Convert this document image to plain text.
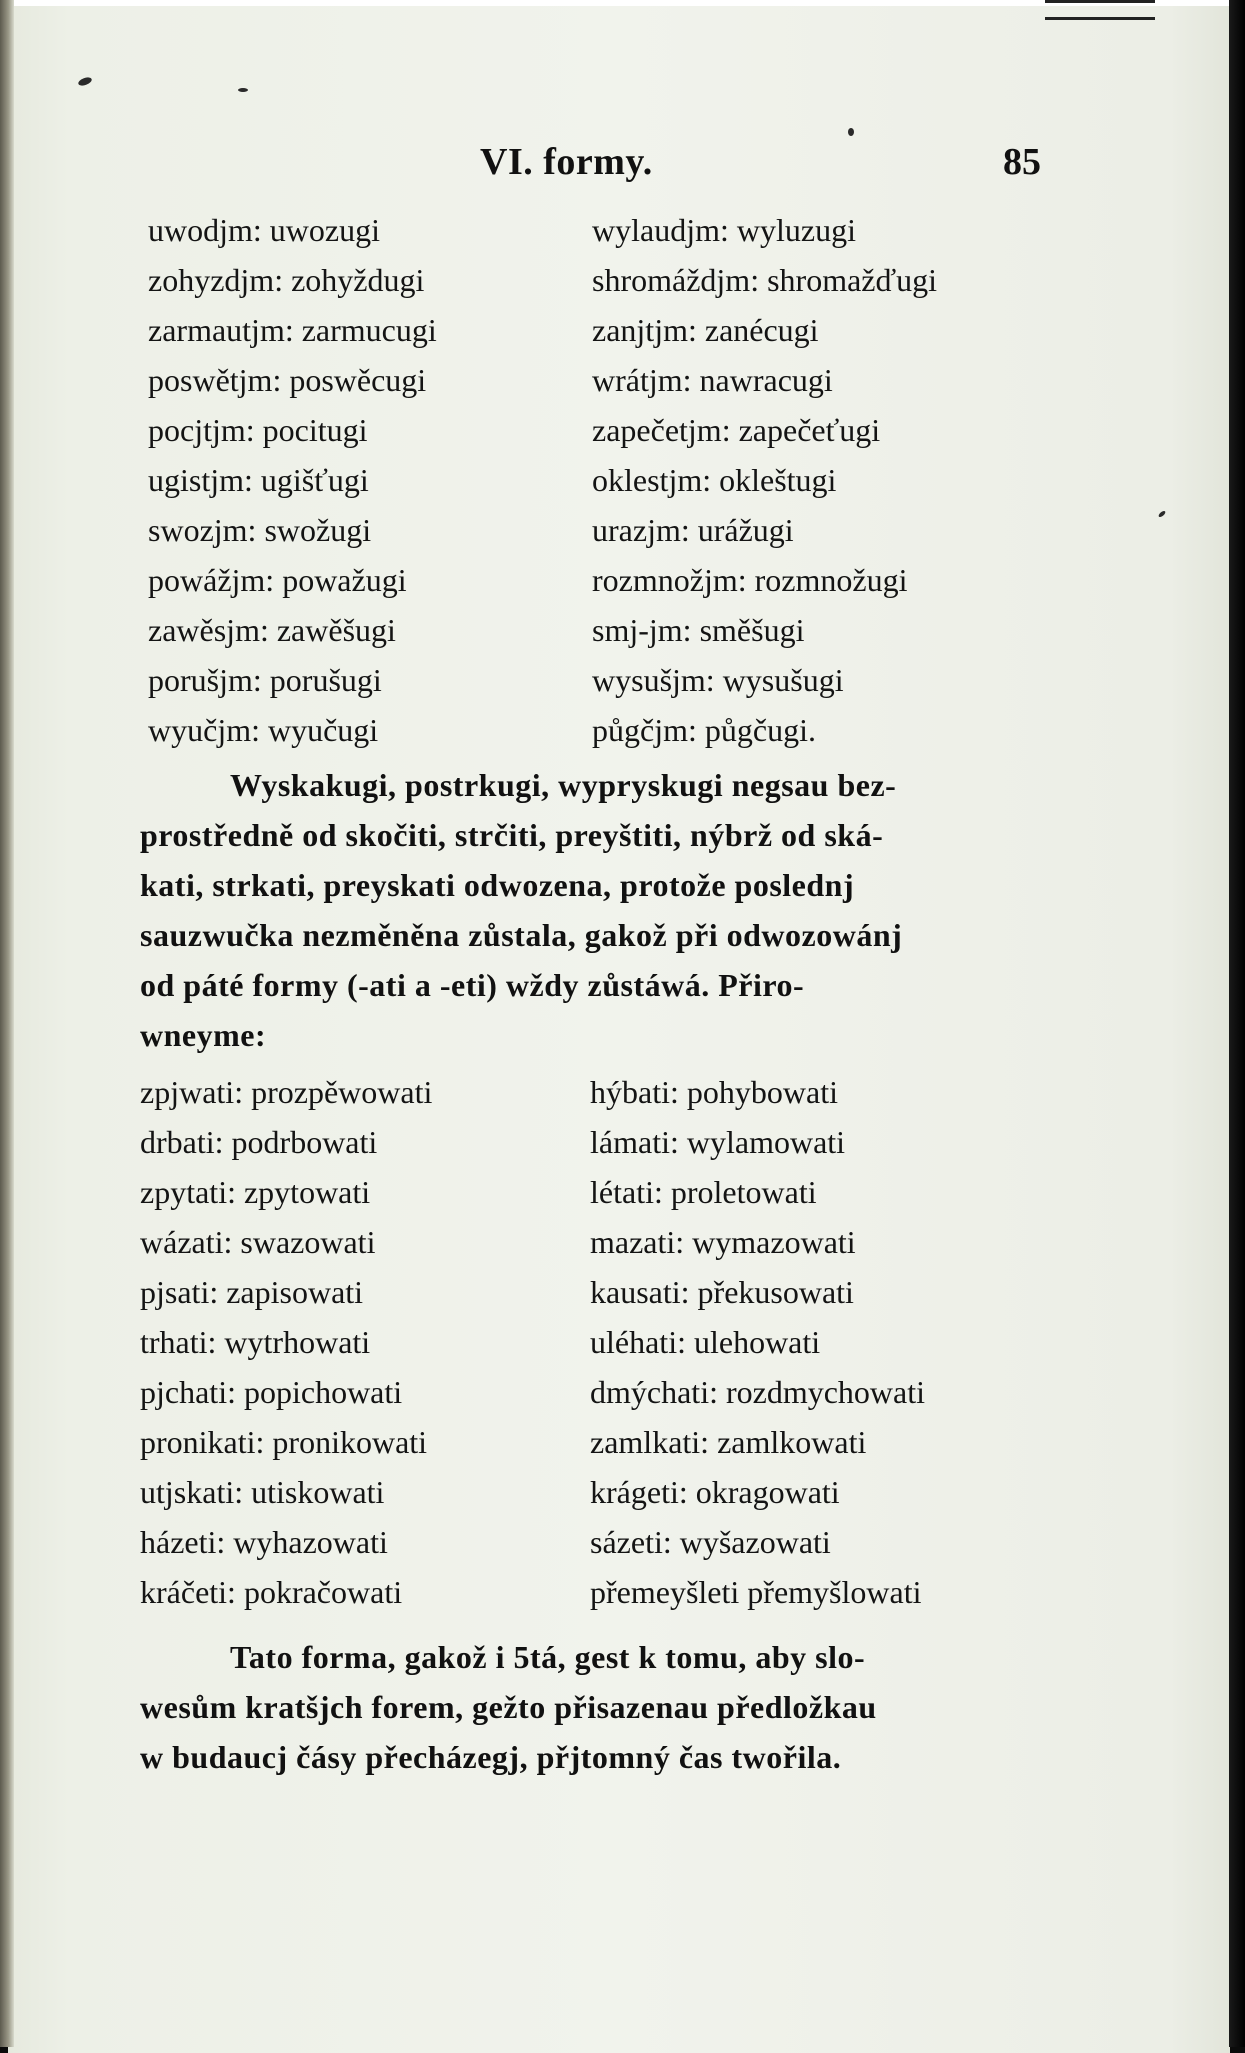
VI. formy.	85
uwodjm: uwozugi
zohyzdjm: zohyždugi
zarmautjm: zarmucugi
poswětjm: poswěcugi
pocjtjm: pocitugi
ugistjm: ugišťugi
swozjm: swožugi
powážjm: powažugi
zawěsjm: zawěšugi
porušjm: porušugi
wyučjm: wyučugi
wylaudjm: wyluzugi
shromáždjm: shromažďugi
zanjtjm: zanécugi
wrátjm: nawracugi
zapečetjm: zapečeťugi
oklestjm: okleštugi
urazjm: urážugi
rozmnožjm: rozmnožugi
smj-jm: směšugi
wysušjm: wysušugi
půgčjm: půgčugi.
Wyskakugi, postrkugi, wypryskugi negsau bez-
prostředně od skočiti, strčiti, preyštiti, nýbrž od ská-
kati, strkati, preyskati odwozena, protože poslednj
sauzwučka nezměněna zůstala, gakož při odwozowánj
od páté formy (-ati a -eti) wždy zůstáwá. Přiro-
wneyme:
zpjwati: prozpěwowati
drbati: podrbowati
zpytati: zpytowati
wázati: swazowati
pjsati: zapisowati
trhati: wytrhowati
pjchati: popichowati
pronikati: pronikowati
utjskati: utiskowati
házeti: wyhazowati
kráčeti: pokračowati
hýbati: pohybowati
lámati: wylamowati
létati: proletowati
mazati: wymazowati
kausati: překusowati
uléhati: ulehowati
dmýchati: rozdmychowati
zamlkati: zamlkowati
krágeti: okragowati
sázeti: wyšazowati
přemeyšleti přemyšlowati
Tato forma, gakož i 5tá, gest k tomu, aby slo-
wesům kratšjch forem, gežto přisazenau předložkau
w budaucj čásy přecházegj, přjtomný čas twořila.
